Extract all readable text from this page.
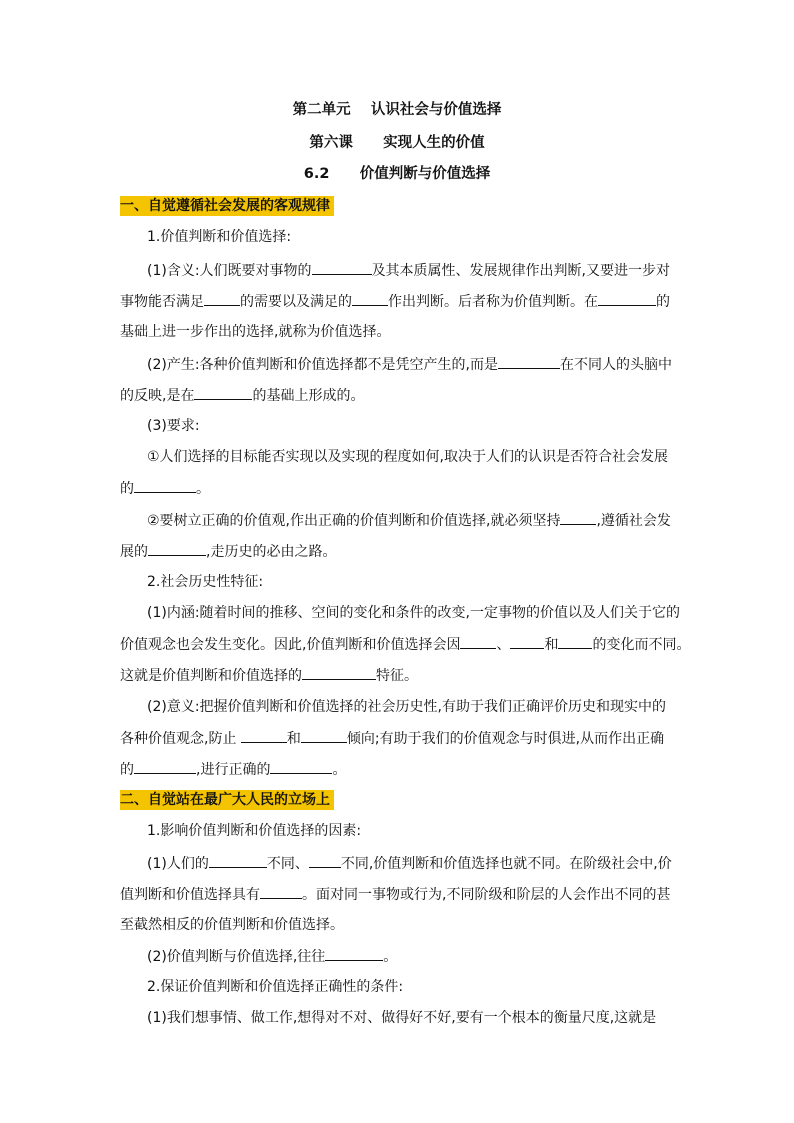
第二单元    认识社会与价值选择
第六课      实现人生的价值
6.2      价值判断与价值选择
一、自觉遵循社会发展的客观规律
1.价值判断和价值选择:
(1)含义:人们既要对事物的	及其本质属性、发展规律作出判断,又要进一步对
事物能否满足	的需要以及满足的	作出判断。后者称为价值判断。在	的
基础上进一步作出的选择,就称为价值选择。
(2)产生:各种价值判断和价值选择都不是凭空产生的,而是	在不同人的头脑中
的反映,是在	的基础上形成的。
(3)要求:
①人们选择的目标能否实现以及实现的程度如何,取决于人们的认识是否符合社会发展
的	。
②要树立正确的价值观,作出正确的价值判断和价值选择,就必须坚持	,遵循社会发
展的	,走历史的必由之路。
2.社会历史性特征:
(1)内涵:随着时间的推移、空间的变化和条件的改变,一定事物的价值以及人们关于它的
价值观念也会发生变化。因此,价值判断和价值选择会因	、 和 的变化而不同。
这就是价值判断和价值选择的	特征。
(2)意义:把握价值判断和价值选择的社会历史性,有助于我们正确评价历史和现实中的
各种价值观念,防止	和	倾向;有助于我们的价值观念与时俱进,从而作出正确
的	,进行正确的	。
二、自觉站在最广大人民的立场上
1.影响价值判断和价值选择的因素:
(1)人们的	不同、 不同,价值判断和价值选择也就不同。在阶级社会中,价
值判断和价值选择具有	。面对同一事物或行为,不同阶级和阶层的人会作出不同的甚
至截然相反的价值判断和价值选择。
(2)价值判断与价值选择,往往	。
2.保证价值判断和价值选择正确性的条件:
(1)我们想事情、做工作,想得对不对、做得好不好,要有一个根本的衡量尺度,这就是
